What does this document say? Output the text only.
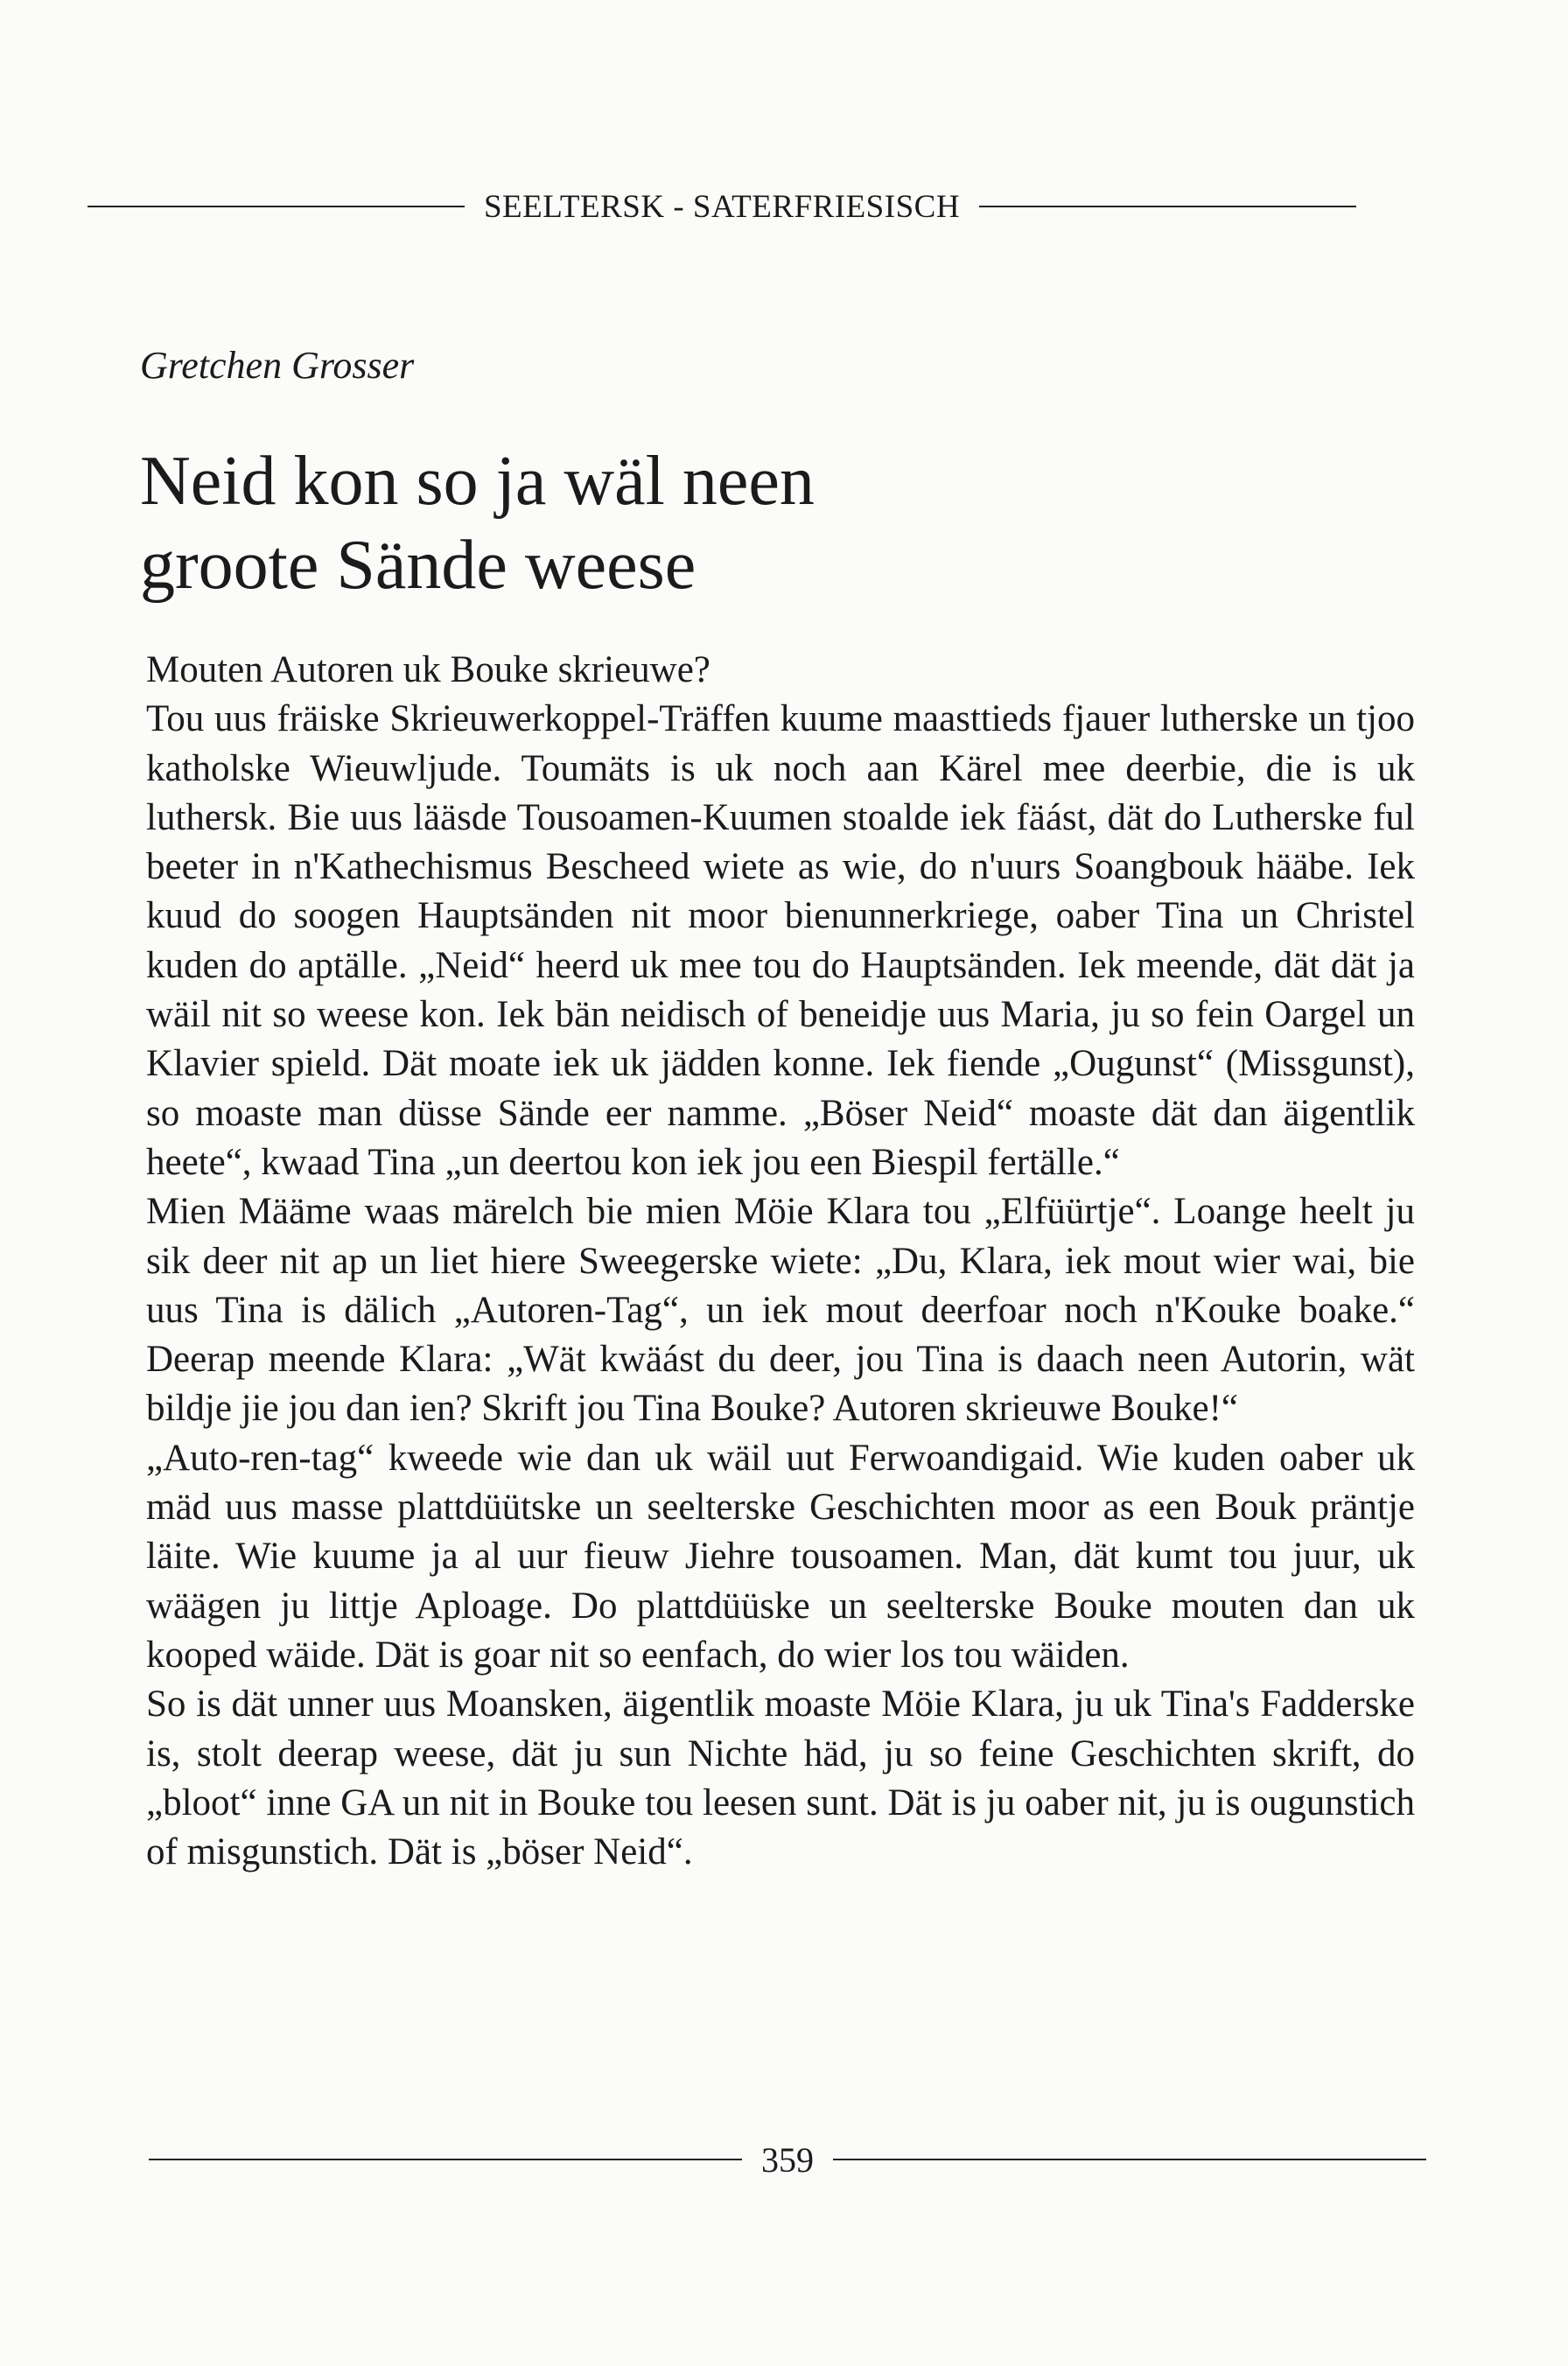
SEELTERSK - SATERFRIESISCH
Gretchen Grosser
Neid kon so ja wäl neen
groote Sände weese

Mouten Autoren uk Bouke skrieuwe?

Tou uus fräiske Skrieuwerkoppel-Träffen kuume maasttieds fjauer lutherske un tjoo katholske Wieuwljude. Toumäts is uk noch aan Kärel mee deerbie, die is uk luthersk. Bie uus lääsde Tousoamen-Kuumen stoalde iek fäást, dät do Lutherske ful beeter in n'Kathechismus Bescheed wiete as wie, do n'uurs Soangbouk hääbe. Iek kuud do soogen Hauptsänden nit moor bienunnerkriege, oaber Tina un Christel kuden do aptälle. „Neid“ heerd uk mee tou do Hauptsänden. Iek meende, dät dät ja wäil nit so weese kon. Iek bän neidisch of beneidje uus Maria, ju so fein Oargel un Klavier spield. Dät moate iek uk jädden konne. Iek fiende „Ougunst“ (Missgunst), so moaste man düsse Sände eer namme. „Böser Neid“ moaste dät dan äigentlik heete“, kwaad Tina „un deertou kon iek jou een Biespil fertälle.“

Mien Määme waas märelch bie mien Möie Klara tou „Elfüürtje“. Loange heelt ju sik deer nit ap un liet hiere Sweegerske wiete: „Du, Klara, iek mout wier wai, bie uus Tina is dälich „Autoren-Tag“, un iek mout deerfoar noch n'Kouke boake.“ Deerap meende Klara: „Wät kwäást du deer, jou Tina is daach neen Autorin, wät bildje jie jou dan ien? Skrift jou Tina Bouke? Autoren skrieuwe Bouke!“

„Auto-ren-tag“ kweede wie dan uk wäil uut Ferwoandigaid. Wie kuden oaber uk mäd uus masse plattdüütske un seelterske Geschichten moor as een Bouk präntje läite. Wie kuume ja al uur fieuw Jiehre tousoamen. Man, dät kumt tou juur, uk wäägen ju littje Aploage. Do plattdüüske un seelterske Bouke mouten dan uk kooped wäide. Dät is goar nit so eenfach, do wier los tou wäiden.

So is dät unner uus Moansken, äigentlik moaste Möie Klara, ju uk Tina's Fadderske is, stolt deerap weese, dät ju sun Nichte häd, ju so feine Geschichten skrift, do „bloot“ inne GA un nit in Bouke tou leesen sunt. Dät is ju oaber nit, ju is ougunstich of misgunstich. Dät is „böser Neid“.

359
